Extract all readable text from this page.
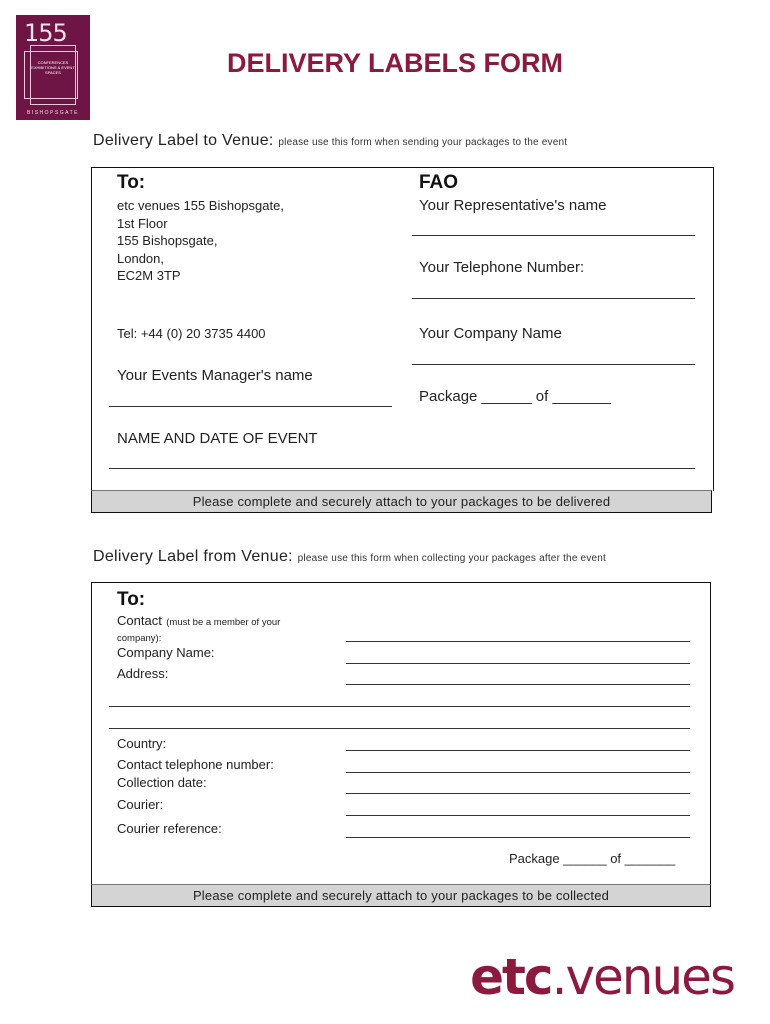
155
CONFERENCES EXHIBITIONS & EVENT SPACES
BISHOPSGATE
DELIVERY LABELS FORM
Delivery Label to Venue: please use this form when sending your packages to the event
To:
etc venues 155 Bishopsgate,
1st Floor
155 Bishopsgate,
London,
EC2M 3TP
Tel: +44 (0) 20 3735 4400
Your Events Manager's name
NAME AND DATE OF EVENT
FAO
Your Representative's name
Your Telephone Number:
Your Company Name
Package ______ of _______
Please complete and securely attach to your packages to be delivered
Delivery Label from Venue: please use this form when collecting your packages after the event
To:
Contact (must be a member of your company):
Company Name:
Address:
Country:
Contact telephone number:
Collection date:
Courier:
Courier reference:
Package ______ of _______
Please complete and securely attach to your packages to be collected
etc.venues
